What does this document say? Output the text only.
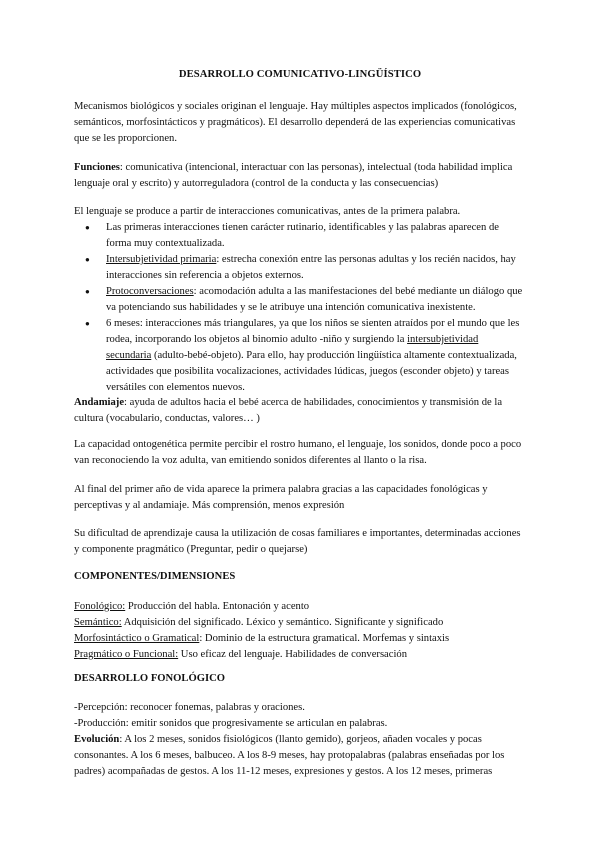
DESARROLLO COMUNICATIVO-LINGÜÍSTICO
Mecanismos biológicos y sociales originan el lenguaje. Hay múltiples aspectos implicados (fonológicos, semánticos, morfosintácticos y pragmáticos). El desarrollo dependerá de las experiencias comunicativas que se les proporcionen.
Funciones: comunicativa (intencional, interactuar con las personas), intelectual (toda habilidad implica lenguaje oral y escrito) y autorreguladora (control de la conducta y las consecuencias)
El lenguaje se produce a partir de interacciones comunicativas, antes de la primera palabra.
● Las primeras interacciones tienen carácter rutinario, identificables y las palabras aparecen de forma muy contextualizada.
● Intersubjetividad primaria: estrecha conexión entre las personas adultas y los recién nacidos, hay interacciones sin referencia a objetos externos.
● Protoconversaciones: acomodación adulta a las manifestaciones del bebé mediante un diálogo que va potenciando sus habilidades y se le atribuye una intención comunicativa inexistente.
● 6 meses: interacciones más triangulares, ya que los niños se sienten atraídos por el mundo que les rodea, incorporando los objetos al binomio adulto -niño y surgiendo la intersubjetividad secundaria (adulto-bebé-objeto). Para ello, hay producción lingüística altamente contextualizada, actividades que posibilita vocalizaciones, actividades lúdicas, juegos (esconder objeto) y tareas versátiles con elementos nuevos.
Andamiaje: ayuda de adultos hacia el bebé acerca de habilidades, conocimientos y transmisión de la cultura (vocabulario, conductas, valores… )
La capacidad ontogenética permite percibir el rostro humano, el lenguaje, los sonidos, donde poco a poco van reconociendo la voz adulta, van emitiendo sonidos diferentes al llanto o la risa.
Al final del primer año de vida aparece la primera palabra gracias a las capacidades fonológicas y perceptivas y al andamiaje. Más comprensión, menos expresión
Su dificultad de aprendizaje causa la utilización de cosas familiares e importantes, determinadas acciones y componente pragmático (Preguntar, pedir o quejarse)
COMPONENTES/DIMENSIONES
Fonológico: Producción del habla. Entonación y acento
Semántico: Adquisición del significado. Léxico y semántico. Significante y significado
Morfosintáctico o Gramatical: Dominio de la estructura gramatical. Morfemas y sintaxis
Pragmático o Funcional: Uso eficaz del lenguaje. Habilidades de conversación
DESARROLLO FONOLÓGICO
-Percepción: reconocer fonemas, palabras y oraciones.
-Producción: emitir sonidos que progresivamente se articulan en palabras.
Evolución: A los 2 meses, sonidos fisiológicos (llanto gemido), gorjeos, añaden vocales y pocas consonantes. A los 6 meses, balbuceo. A los 8-9 meses, hay protopalabras (palabras enseñadas por los padres) acompañadas de gestos. A los 11-12 meses, expresiones y gestos. A los 12 meses, primeras
